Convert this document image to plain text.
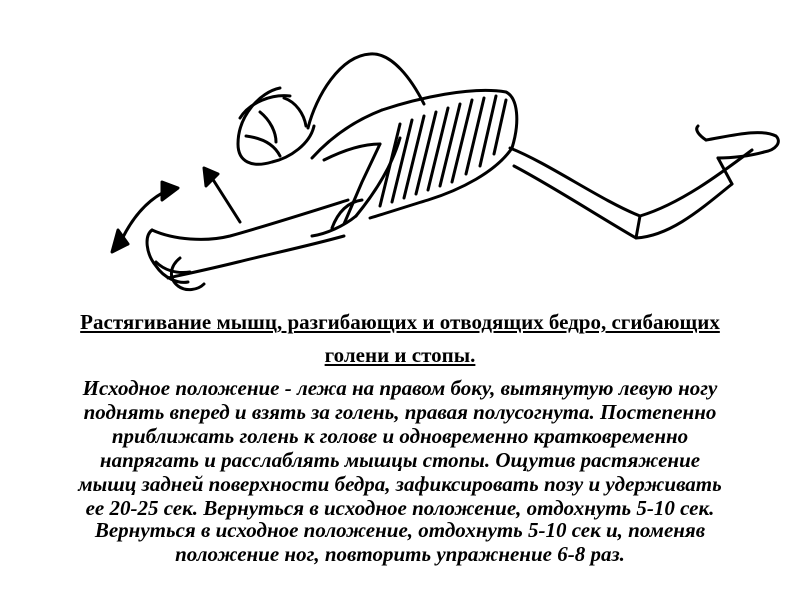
Растягивание мышц, разгибающих и отводящих бедро, сгибающих
голени и стопы.
Исходное положение - лежа на правом боку, вытянутую левую ногу
поднять вперед и взять за голень, правая полусогнута. Постепенно
приближать голень к голове и одновременно кратковременно
напрягать и расслаблять мышцы стопы. Ощутив растяжение
мышц задней поверхности бедра, зафиксировать позу и удерживать
ее 20-25 сек. Вернуться в исходное положение, отдохнуть 5-10 сек.
Вернуться в исходное положение, отдохнуть 5-10 сек и, поменяв
положение ног, повторить упражнение 6-8 раз.
